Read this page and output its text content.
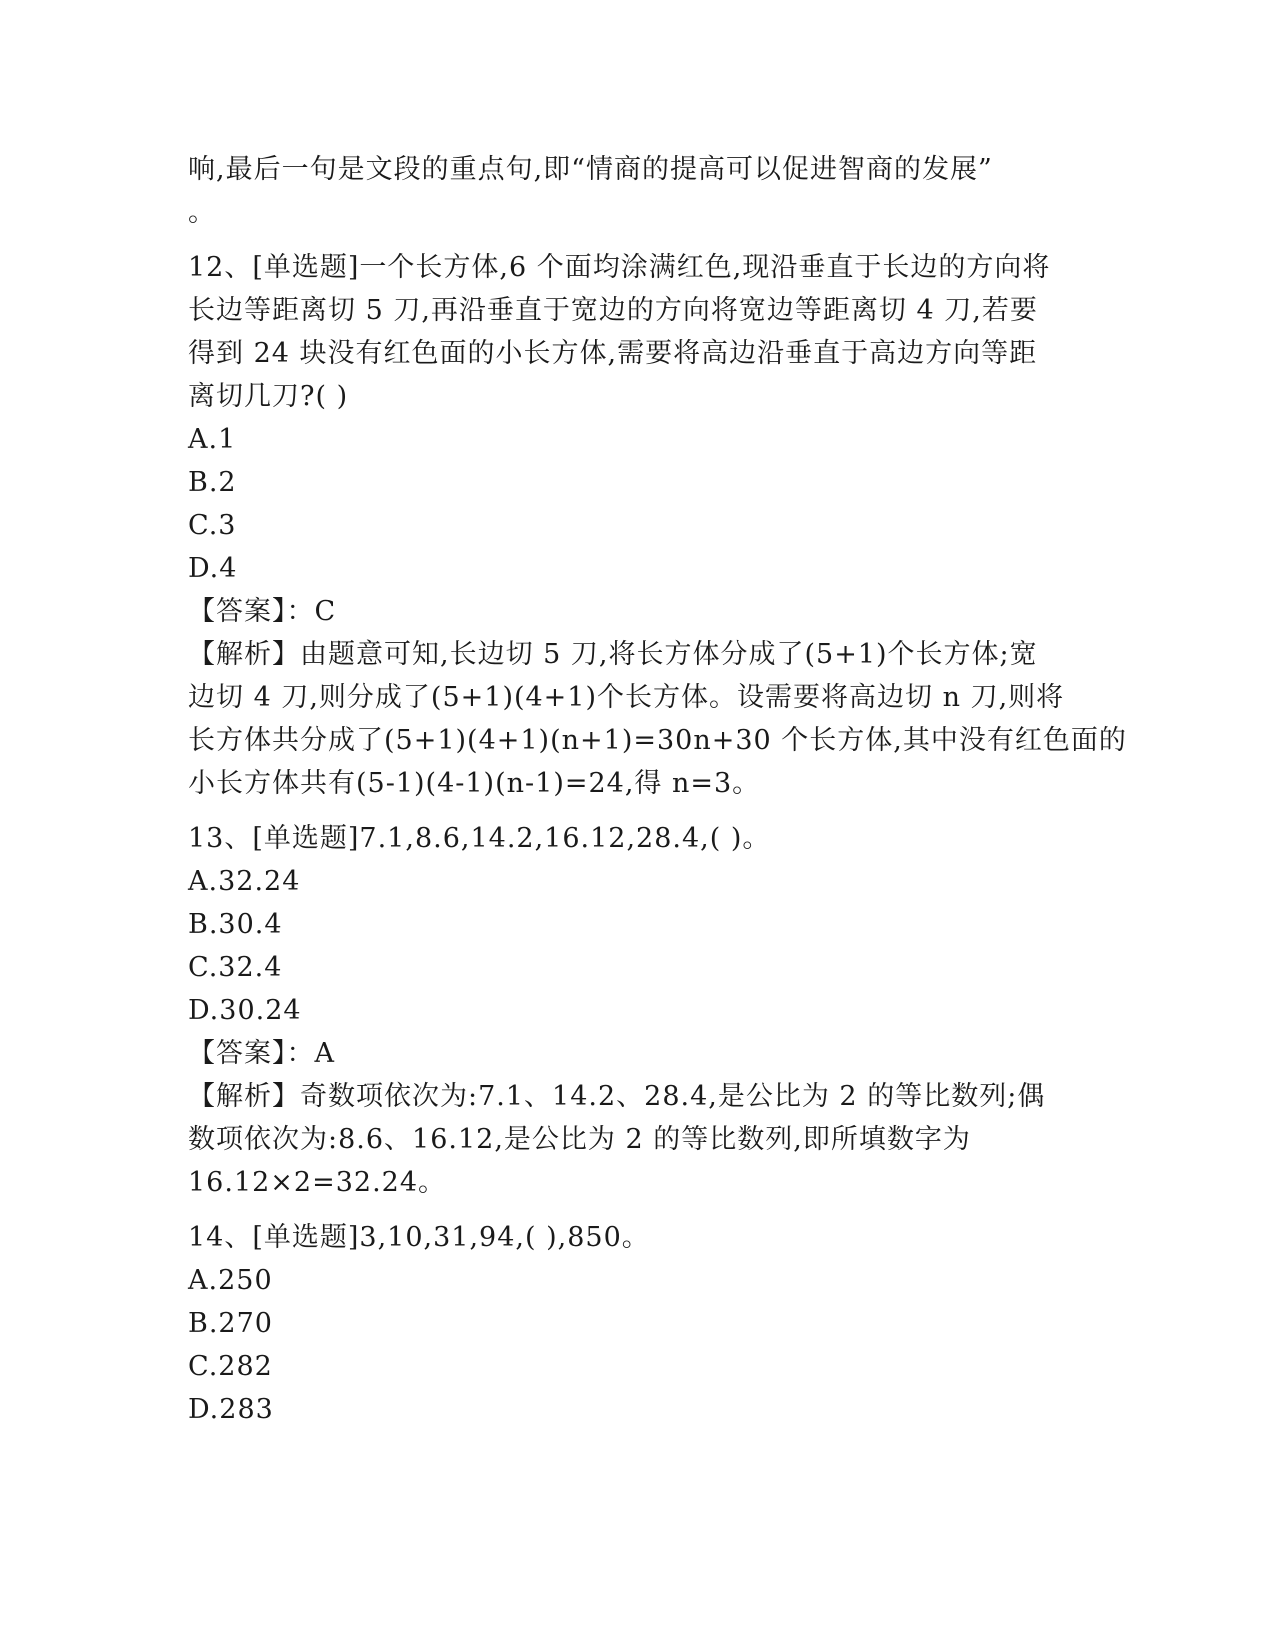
响,最后一句是文段的重点句,即“情商的提高可以促进智商的发展”
。
12、[单选题]一个长方体,6 个面均涂满红色,现沿垂直于长边的方向将
长边等距离切 5 刀,再沿垂直于宽边的方向将宽边等距离切 4 刀,若要
得到 24 块没有红色面的小长方体,需要将高边沿垂直于高边方向等距
离切几刀?( )
A.1
B.2
C.3
D.4
【答案】：C
【解析】由题意可知,长边切 5 刀,将长方体分成了(5+1)个长方体;宽
边切 4 刀,则分成了(5+1)(4+1)个长方体。设需要将高边切 n 刀,则将
长方体共分成了(5+1)(4+1)(n+1)=30n+30 个长方体,其中没有红色面的
小长方体共有(5-1)(4-1)(n-1)=24,得 n=3。
13、[单选题]7.1,8.6,14.2,16.12,28.4,( )。
A.32.24
B.30.4
C.32.4
D.30.24
【答案】：A
【解析】奇数项依次为:7.1、14.2、28.4,是公比为 2 的等比数列;偶
数项依次为:8.6、16.12,是公比为 2 的等比数列,即所填数字为
16.12×2=32.24。
14、[单选题]3,10,31,94,( ),850。
A.250
B.270
C.282
D.283
